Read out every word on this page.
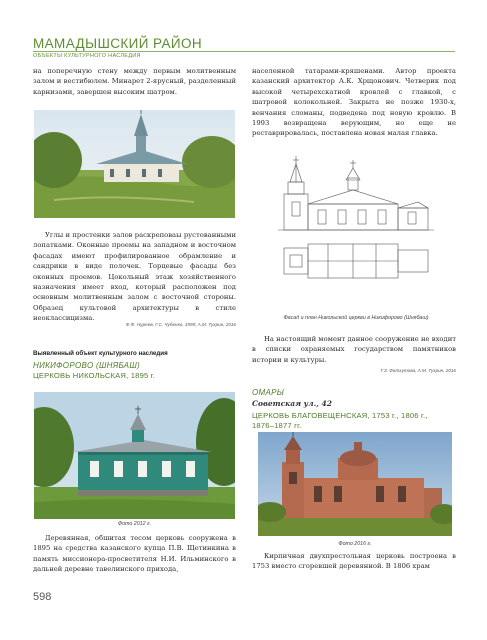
МАМАДЫШСКИЙ РАЙОН
ОБЪЕКТЫ КУЛЬТУРНОГО НАСЛЕДИЯ

на поперечную стену между первым молитвенным залом и вестибюлем. Минарет 2-ярусный, разделенный карнизами, завершен высоким шатром.

Углы и простенки залов раскреповаы рустованными лопатками. Оконные проемы на западном и восточном фасадах имеют профилированное обрамление и сандрики в виде полочек. Торцевые фасады без оконных проемов. Цокольный этаж хозяйственного назначения имеет вход, который расположен под основным молитвенным залом с восточной стороны. Образец культовой архитектуры в стиле неоклассицизма.

Ф.Ф. Нуреев, Г.С. Чубенко, 1995; А.М. Тухрин, 2016
Выявленный объект культурного наследия
НИКИФОРОВО (ШНЯБАШ)
ЦЕРКОВЬ НИКОЛЬСКАЯ, 1895 г.
Фото 2012 г.

Деревянная, обшитая тесом церковь сооружена в 1895 на средства казанского купца П.В. Щетинкина в память миссионера-просветителя Н.И. Ильминского в дальней деревне тавелинского прихода,

населенной татарами-кряшенами. Автор проекта казанский архитектор А.К. Хрщонович. Четверик под высокой четырехскатной кровлей с главкой, с шатровой колокольней. Закрыта не позже 1930-х, венчания сломаны, подведена под новую кровлю. В 1993 возвращена верующим, но еще не реставрировалась, поставлена новая малая главка.

Фасад и план Никольской церкви в Никифорово (Шнябаш)

На настоящий момент данное сооружение не входит в списки охраняемых государством памятников истории и культуры.

Г.З. Фатхутова, А.М. Тухрин, 2016
ОМАРЫ
Советская ул., 42
ЦЕРКОВЬ БЛАГОВЕЩЕНСКАЯ, 1753 г., 1806 г.,
1876–1877 гг.
Фото 2016 г.

Кирпичная двухпрестольная церковь построена в 1753 вместо сгоревшей деревянной. В 1806 храм

598
